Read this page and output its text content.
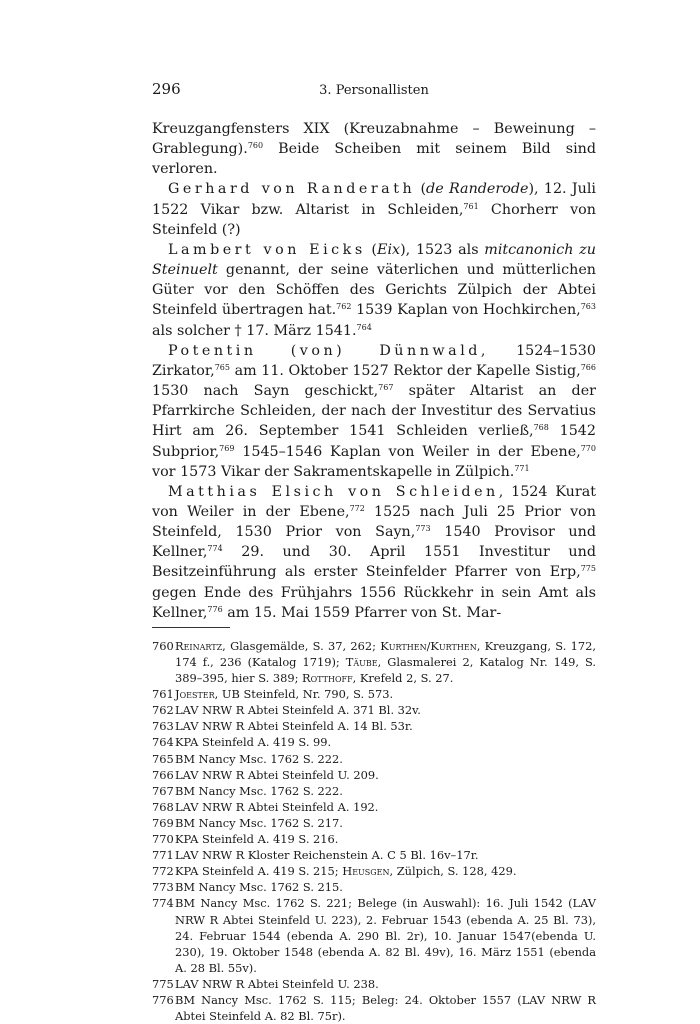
296	3. Personallisten

Kreuzgangfensters XIX (Kreuzabnahme – Beweinung – Grablegung).$^{760}$ Beide Scheiben mit seinem Bild sind verloren.

Gerhard von Randerath (de Randerode), 12. Juli 1522 Vikar bzw. Altarist in Schleiden,$^{761}$ Chorherr von Steinfeld (?)

Lambert von Eicks (Eix), 1523 als mitcanonich zu Steinuelt genannt, der seine väterlichen und mütterlichen Güter vor den Schöffen des Gerichts Zülpich der Abtei Steinfeld übertragen hat.$^{762}$ 1539 Kaplan von Hochkirchen,$^{763}$ als solcher † 17. März 1541.$^{764}$

Potentin (von) Dünnwald, 1524–1530 Zirkator,$^{765}$ am 11. Oktober 1527 Rektor der Kapelle Sistig,$^{766}$ 1530 nach Sayn geschickt,$^{767}$ später Altarist an der Pfarrkirche Schleiden, der nach der Investitur des Servatius Hirt am 26. September 1541 Schleiden verließ,$^{768}$ 1542 Subprior,$^{769}$ 1545–1546 Kaplan von Weiler in der Ebene,$^{770}$ vor 1573 Vikar der Sakramentskapelle in Zülpich.$^{771}$

Matthias Elsich von Schleiden, 1524 Kurat von Weiler in der Ebene,$^{772}$ 1525 nach Juli 25 Prior von Steinfeld, 1530 Prior von Sayn,$^{773}$ 1540 Provisor und Kellner,$^{774}$ 29. und 30. April 1551 Investitur und Besitzeinführung als erster Steinfelder Pfarrer von Erp,$^{775}$ gegen Ende des Frühjahrs 1556 Rückkehr in sein Amt als Kellner,$^{776}$ am 15. Mai 1559 Pfarrer von St. Mar-

760 Reinartz, Glasgemälde, S. 37, 262; Kurthen/Kurthen, Kreuzgang, S. 172, 174 f., 236 (Katalog 1719); Täube, Glasmalerei 2, Katalog Nr. 149, S. 389–395, hier S. 389; Rotthoff, Krefeld 2, S. 27.
761 Joester, UB Steinfeld, Nr. 790, S. 573.
762 LAV NRW R Abtei Steinfeld A. 371 Bl. 32v.
763 LAV NRW R Abtei Steinfeld A. 14 Bl. 53r.
764 KPA Steinfeld A. 419 S. 99.
765 BM Nancy Msc. 1762 S. 222.
766 LAV NRW R Abtei Steinfeld U. 209.
767 BM Nancy Msc. 1762 S. 222.
768 LAV NRW R Abtei Steinfeld A. 192.
769 BM Nancy Msc. 1762 S. 217.
770 KPA Steinfeld A. 419 S. 216.
771 LAV NRW R Kloster Reichenstein A. C 5 Bl. 16v–17r.
772 KPA Steinfeld A. 419 S. 215; Heusgen, Zülpich, S. 128, 429.
773 BM Nancy Msc. 1762 S. 215.
774 BM Nancy Msc. 1762 S. 221; Belege (in Auswahl): 16. Juli 1542 (LAV NRW R Abtei Steinfeld U. 223), 2. Februar 1543 (ebenda A. 25 Bl. 73), 24. Februar 1544 (ebenda A. 290 Bl. 2r), 10. Januar 1547(ebenda U. 230), 19. Oktober 1548 (ebenda A. 82 Bl. 49v), 16. März 1551 (ebenda A. 28 Bl. 55v).
775 LAV NRW R Abtei Steinfeld U. 238.
776 BM Nancy Msc. 1762 S. 115; Beleg: 24. Oktober 1557 (LAV NRW R Abtei Steinfeld A. 82 Bl. 75r).
